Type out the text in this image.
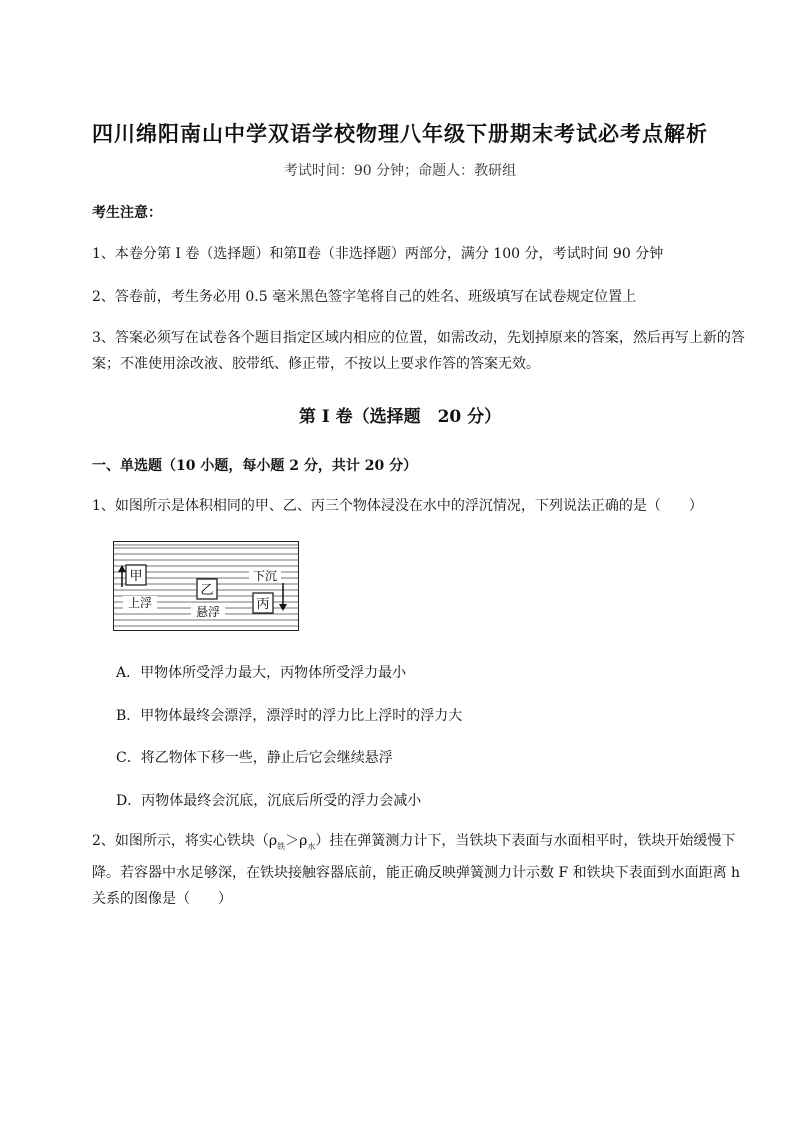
四川绵阳南山中学双语学校物理八年级下册期末考试必考点解析
考试时间：90 分钟；命题人：教研组
考生注意：
1、本卷分第 I 卷（选择题）和第Ⅱ卷（非选择题）两部分，满分 100 分，考试时间 90 分钟
2、答卷前，考生务必用 0.5 毫米黑色签字笔将自己的姓名、班级填写在试卷规定位置上
3、答案必须写在试卷各个题目指定区域内相应的位置，如需改动，先划掉原来的答案，然后再写上新的答案；不准使用涂改液、胶带纸、修正带，不按以上要求作答的答案无效。
第 I 卷（选择题　20 分）
一、单选题（10 小题，每小题 2 分，共计 20 分）
1、如图所示是体积相同的甲、乙、丙三个物体浸没在水中的浮沉情况，下列说法正确的是（　　）
甲
上浮
乙
悬浮
下沉
丙
A．甲物体所受浮力最大，丙物体所受浮力最小
B．甲物体最终会漂浮，漂浮时的浮力比上浮时的浮力大
C．将乙物体下移一些，静止后它会继续悬浮
D．丙物体最终会沉底，沉底后所受的浮力会减小
2、如图所示，将实心铁块$(\rho_铁>\rho_水)$挂在弹簧测力计下，当铁块下表面与水面相平时，铁块开始缓慢下降。若容器中水足够深，在铁块接触容器底前，能正确反映弹簧测力计示数 F 和铁块下表面到水面距离 h 关系的图像是（　　）
